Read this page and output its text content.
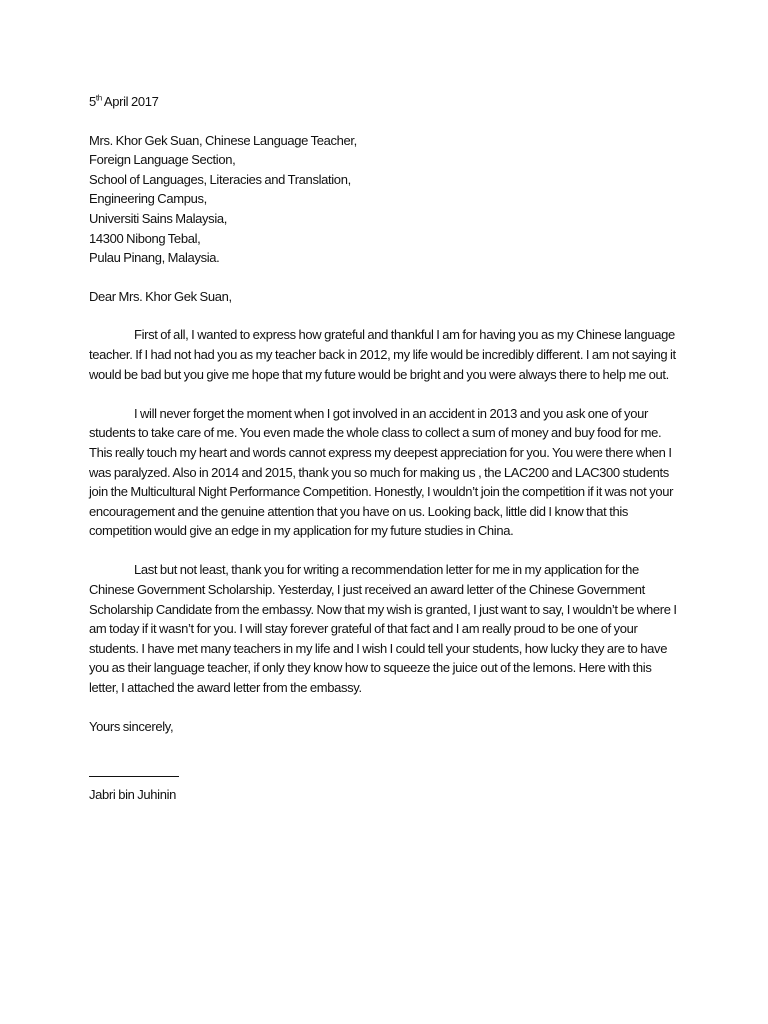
5th April 2017
Mrs. Khor Gek Suan, Chinese Language Teacher,
Foreign Language Section,
School of Languages, Literacies and Translation,
Engineering Campus,
Universiti Sains Malaysia,
14300 Nibong Tebal,
Pulau Pinang, Malaysia.
Dear Mrs. Khor Gek Suan,

First of all, I wanted to express how grateful and thankful I am for having you as my Chinese language teacher. If I had not had you as my teacher back in 2012, my life would be incredibly different. I am not saying it would be bad but you give me hope that my future would be bright and you were always there to help me out.

I will never forget the moment when I got involved in an accident in 2013 and you ask one of your students to take care of me. You even made the whole class to collect a sum of money and buy food for me. This really touch my heart and words cannot express my deepest appreciation for you. You were there when I was paralyzed. Also in 2014 and 2015, thank you so much for making us , the LAC200 and LAC300 students join the Multicultural Night Performance Competition. Honestly, I wouldn’t join the competition if it was not your encouragement and the genuine attention that you have on us. Looking back, little did I know that this competition would give an edge in my application for my future studies in China.

Last but not least, thank you for writing a recommendation letter for me in my application for the Chinese Government Scholarship. Yesterday, I just received an award letter of the Chinese Government Scholarship Candidate from the embassy. Now that my wish is granted, I just want to say, I wouldn’t be where I am today if it wasn’t for you. I will stay forever grateful of that fact and I am really proud to be one of your students. I have met many teachers in my life and I wish I could tell your students, how lucky they are to have you as their language teacher, if only they know how to squeeze the juice out of the lemons. Here with this letter, I attached the award letter from the embassy.

Yours sincerely,
Jabri bin Juhinin
